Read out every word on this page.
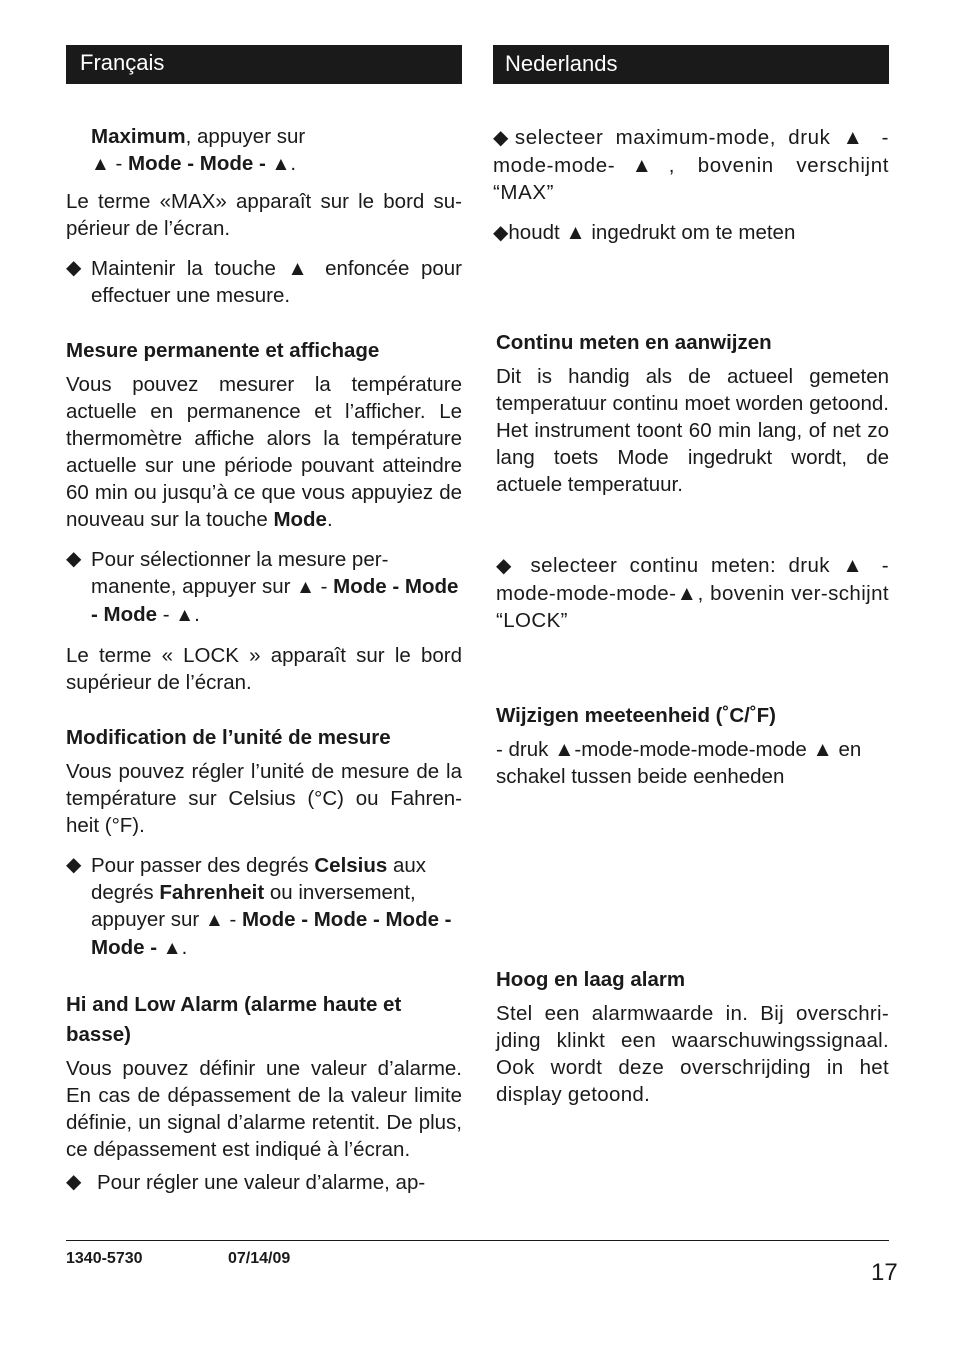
Français
Maximum, appuyer sur
▲ - Mode - Mode - ▲.
Le terme «MAX» apparaît sur le bord su-périeur de l’écran.
◆ Maintenir la touche ▲ enfoncée pour effectuer une mesure.
Mesure permanente et affichage
Vous pouvez mesurer la température actuelle en permanence et l’afficher. Le thermomètre affiche alors la température actuelle sur une période pouvant atteindre 60 min ou jusqu’à ce que vous appuyiez de nouveau sur la touche Mode.
◆ Pour sélectionner la mesure per-manente, appuyer sur ▲ - Mode - Mode - Mode - ▲.
Le terme « LOCK » apparaît sur le bord supérieur de l’écran.
Modification de l’unité de mesure
Vous pouvez régler l’unité de mesure de la température sur Celsius (°C) ou Fahren-heit (°F).
◆ Pour passer des degrés Celsius aux degrés Fahrenheit ou inversement, appuyer sur ▲ - Mode - Mode - Mode - Mode - ▲.
Hi and Low Alarm (alarme haute et basse)
Vous pouvez définir une valeur d’alarme. En cas de dépassement de la valeur limite définie, un signal d’alarme retentit. De plus, ce dépassement est indiqué à l’écran.
◆ Pour régler une valeur d’alarme, ap-
Nederlands
◆selecteer maximum-mode, druk ▲ -mode-mode-▲, bovenin verschijnt “MAX”
◆houdt ▲ ingedrukt om te meten
Continu meten en aanwijzen
Dit is handig als de actueel gemeten temperatuur continu moet worden getoond. Het instrument toont 60 min lang, of net zo lang toets Mode ingedrukt wordt, de actuele temperatuur.
◆ selecteer continu meten: druk ▲ -mode-mode-mode-▲, bovenin ver-schijnt “LOCK”
Wijzigen meeteenheid (˚C/˚F)
- druk ▲-mode-mode-mode-mode ▲ en schakel tussen beide eenheden
Hoog en laag alarm
Stel een alarmwaarde in. Bij overschri-jding klinkt een waarschuwingssignaal. Ook wordt deze overschrijding in het display getoond.
1340-5730	07/14/09
17
